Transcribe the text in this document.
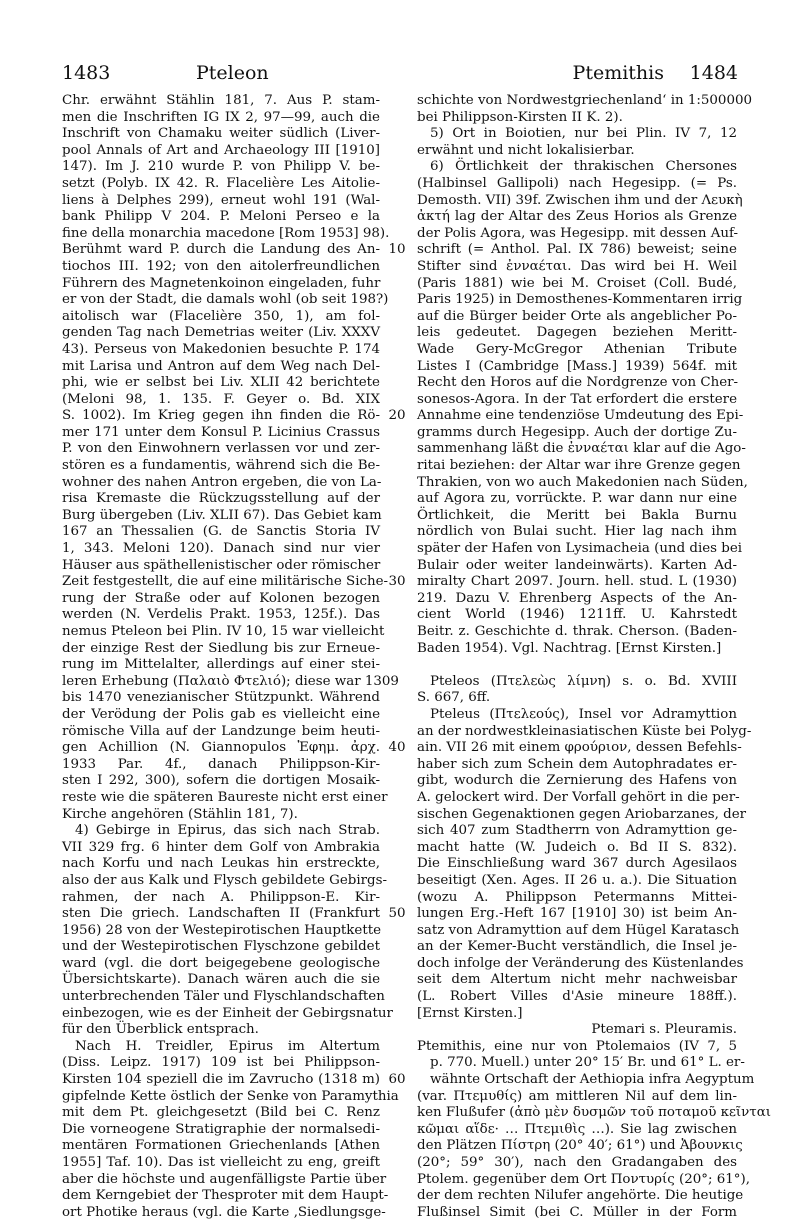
1483	Pteleon	Ptemithis 1484
Chr. erwähnt Stählin 181, 7. Aus P. stam-
men die Inschriften IG IX 2, 97—99, auch die
Inschrift von Chamaku weiter südlich (Liver-
pool Annals of Art and Archaeology III [1910]
147). Im J. 210 wurde P. von Philipp V. be-
setzt (Polyb. IX 42. R. Flacelière Les Aitolie-
liens à Delphes 299), erneut wohl 191 (Wal-
bank Philipp V 204. P. Meloni Perseo e la
fine della monarchia macedone [Rom 1953] 98).
Berühmt ward P. durch die Landung des An-
tiochos III. 192; von den aitolerfreundlichen
Führern des Magnetenkoinon eingeladen, fuhr
er von der Stadt, die damals wohl (ob seit 198?)
aitolisch war (Flacelière 350, 1), am fol-
genden Tag nach Demetrias weiter (Liv. XXXV
43). Perseus von Makedonien besuchte P. 174
mit Larisa und Antron auf dem Weg nach Del-
phi, wie er selbst bei Liv. XLII 42 berichtete
(Meloni 98, 1. 135. F. Geyer o. Bd. XIX
S. 1002). Im Krieg gegen ihn finden die Rö-
mer 171 unter dem Konsul P. Licinius Crassus
P. von den Einwohnern verlassen vor und zer-
stören es a fundamentis, während sich die Be-
wohner des nahen Antron ergeben, die von La-
risa Kremaste die Rückzugsstellung auf der
Burg übergeben (Liv. XLII 67). Das Gebiet kam
167 an Thessalien (G. de Sanctis Storia IV
1, 343. Meloni 120). Danach sind nur vier
Häuser aus späthellenistischer oder römischer
Zeit festgestellt, die auf eine militärische Siche-
rung der Straße oder auf Kolonen bezogen
werden (N. Verdelis Prakt. 1953, 125f.). Das
nemus Pteleon bei Plin. IV 10, 15 war vielleicht
der einzige Rest der Siedlung bis zur Erneue-
rung im Mittelalter, allerdings auf einer stei-
leren Erhebung (Παλαιὸ Φτελιό); diese war 1309
bis 1470 venezianischer Stützpunkt. Während
der Verödung der Polis gab es vielleicht eine
römische Villa auf der Landzunge beim heuti-
gen Achillion (N. Giannopulos Ἐφημ. ἀρχ.
1933 Par. 4f., danach Philippson-Kir-
sten I 292, 300), sofern die dortigen Mosaik-
reste wie die späteren Baureste nicht erst einer
Kirche angehören (Stählin 181, 7).
4) Gebirge in Epirus, das sich nach Strab.
VII 329 frg. 6 hinter dem Golf von Ambrakia
nach Korfu und nach Leukas hin erstreckte,
also der aus Kalk und Flysch gebildete Gebirgs-
rahmen, der nach A. Philippson-E. Kir-
sten Die griech. Landschaften II (Frankfurt
1956) 28 von der Westepirotischen Hauptkette
und der Westepirotischen Flyschzone gebildet
ward (vgl. die dort beigegebene geologische
Übersichtskarte). Danach wären auch die sie
unterbrechenden Täler und Flyschlandschaften
einbezogen, wie es der Einheit der Gebirgsnatur
für den Überblick entsprach.
Nach H. Treidler, Epirus im Altertum
(Diss. Leipz. 1917) 109 ist bei Philippson-
Kirsten 104 speziell die im Zavrucho (1318 m)
gipfelnde Kette östlich der Senke von Paramythia
mit dem Pt. gleichgesetzt (Bild bei C. Renz
Die vorneogene Stratigraphie der normalsedi-
mentären Formationen Griechenlands [Athen
1955] Taf. 10). Das ist vielleicht zu eng, greift
aber die höchste und augenfälligste Partie über
dem Kerngebiet der Thesproter mit dem Haupt-
ort Photike heraus (vgl. die Karte ‚Siedlungsge-
schichte von Nordwestgriechenland‘ in 1:500000
bei Philippson-Kirsten II K. 2).
5) Ort in Boiotien, nur bei Plin. IV 7, 12
erwähnt und nicht lokalisierbar.
6) Örtlichkeit der thrakischen Chersones
(Halbinsel Gallipoli) nach Hegesipp. (= Ps.
Demosth. VII) 39f. Zwischen ihm und der Λευκὴ
ἀκτή lag der Altar des Zeus Horios als Grenze
der Polis Agora, was Hegesipp. mit dessen Auf-
schrift (= Anthol. Pal. IX 786) beweist; seine
Stifter sind ἐνναέται. Das wird bei H. Weil
(Paris 1881) wie bei M. Croiset (Coll. Budé,
Paris 1925) in Demosthenes-Kommentaren irrig
auf die Bürger beider Orte als angeblicher Po-
leis gedeutet. Dagegen beziehen Meritt-
Wade Gery-McGregor Athenian Tribute
Listes I (Cambridge [Mass.] 1939) 564f. mit
Recht den Horos auf die Nordgrenze von Cher-
sonesos-Agora. In der Tat erfordert die erstere
Annahme eine tendenziöse Umdeutung des Epi-
gramms durch Hegesipp. Auch der dortige Zu-
sammenhang läßt die ἐνναέται klar auf die Ago-
ritai beziehen: der Altar war ihre Grenze gegen
Thrakien, von wo auch Makedonien nach Süden,
auf Agora zu, vorrückte. P. war dann nur eine
Örtlichkeit, die Meritt bei Bakla Burnu
nördlich von Bulai sucht. Hier lag nach ihm
später der Hafen von Lysimacheia (und dies bei
Bulair oder weiter landeinwärts). Karten Ad-
miralty Chart 2097. Journ. hell. stud. L (1930)
219. Dazu V. Ehrenberg Aspects of the An-
cient World (1946) 1211ff. U. Kahrstedt
Beitr. z. Geschichte d. thrak. Cherson. (Baden-
Baden 1954). Vgl. Nachtrag. [Ernst Kirsten.]
Pteleos (Πτελεὼς λίμνη) s. o. Bd. XVIII
S. 667, 6ff.
Pteleus (Πτελεούς), Insel vor Adramyttion
an der nordwestkleinasiatischen Küste bei Polyg-
ain. VII 26 mit einem φρούριον, dessen Befehls-
haber sich zum Schein dem Autophradates er-
gibt, wodurch die Zernierung des Hafens von
A. gelockert wird. Der Vorfall gehört in die per-
sischen Gegenaktionen gegen Ariobarzanes, der
sich 407 zum Stadtherrn von Adramyttion ge-
macht hatte (W. Judeich o. Bd II S. 832).
Die Einschließung ward 367 durch Agesilaos
beseitigt (Xen. Ages. II 26 u. a.). Die Situation
(wozu A. Philippson Petermanns Mittei-
lungen Erg.-Heft 167 [1910] 30) ist beim An-
satz von Adramyttion auf dem Hügel Karatasch
an der Kemer-Bucht verständlich, die Insel je-
doch infolge der Veränderung des Küstenlandes
seit dem Altertum nicht mehr nachweisbar
(L. Robert Villes d'Asie mineure 188ff.).
[Ernst Kirsten.]
Ptemari s. Pleuramis.
Ptemithis, eine nur von Ptolemaios (IV 7, 5
p. 770. Muell.) unter 20° 15′ Br. und 61° L. er-
wähnte Ortschaft der Aethiopia infra Aegyptum
(var. Πτεμυθίς) am mittleren Nil auf dem lin-
ken Flußufer (ἀπὸ μὲν δυσμῶν τοῦ ποταμοῦ κεῖνται
κῶμαι αἵδε· … Πτεμιθὶς …). Sie lag zwischen
den Plätzen Πίστρη (20° 40′; 61°) und Ἀβουνκις
(20°; 59° 30′), nach den Gradangaben des
Ptolem. gegenüber dem Ort Ποντυρίς (20°; 61°),
der dem rechten Nilufer angehörte. Die heutige
Flußinsel Simit (bei C. Müller in der Form
10
20
30
40
50
60
